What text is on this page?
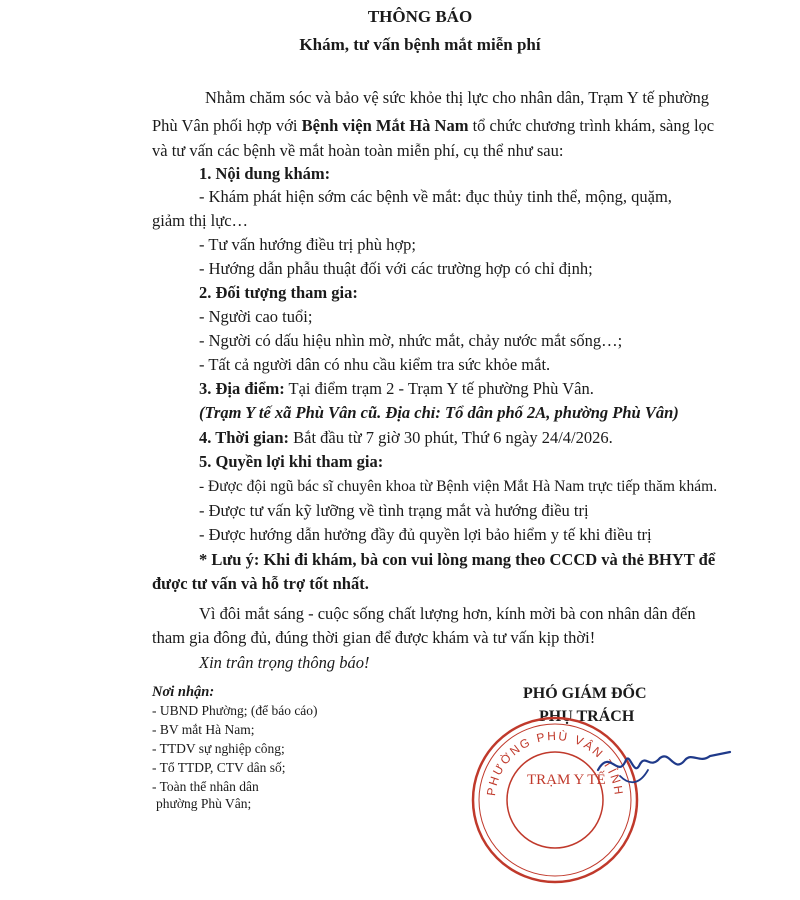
THÔNG BÁO
Khám, tư vấn bệnh mắt miễn phí
Nhằm chăm sóc và bảo vệ sức khỏe thị lực cho nhân dân, Trạm Y tế phường
Phù Vân phối hợp với Bệnh viện Mắt Hà Nam tổ chức chương trình khám, sàng lọc
và tư vấn các bệnh về mắt hoàn toàn miễn phí, cụ thể như sau:
1. Nội dung khám:
- Khám phát hiện sớm các bệnh về mắt: đục thủy tinh thể, mộng, quặm,
giảm thị lực…
- Tư vấn hướng điều trị phù hợp;
- Hướng dẫn phẫu thuật đối với các trường hợp có chỉ định;
2. Đối tượng tham gia:
- Người cao tuổi;
- Người có dấu hiệu nhìn mờ, nhức mắt, chảy nước mắt sống…;
- Tất cả người dân có nhu cầu kiểm tra sức khỏe mắt.
3. Địa điểm: Tại điểm trạm 2 - Trạm Y tế phường Phù Vân.
(Trạm Y tế xã Phù Vân cũ. Địa chỉ: Tổ dân phố 2A, phường Phù Vân)
4. Thời gian: Bắt đầu từ 7 giờ 30 phút, Thứ 6 ngày 24/4/2026.
5. Quyền lợi khi tham gia:
- Được đội ngũ bác sĩ chuyên khoa từ Bệnh viện Mắt Hà Nam trực tiếp thăm khám.
- Được tư vấn kỹ lưỡng về tình trạng mắt và hướng điều trị
- Được hướng dẫn hưởng đầy đủ quyền lợi bảo hiểm y tế khi điều trị
* Lưu ý: Khi đi khám, bà con vui lòng mang theo CCCD và thẻ BHYT để
được tư vấn và hỗ trợ tốt nhất.
Vì đôi mắt sáng - cuộc sống chất lượng hơn, kính mời bà con nhân dân đến
tham gia đông đủ, đúng thời gian để được khám và tư vấn kịp thời!
Xin trân trọng thông báo!
Nơi nhận:
- UBND Phường; (để báo cáo)
- BV mắt Hà Nam;
- TTDV sự nghiệp công;
- Tổ TTDP, CTV dân số;
- Toàn thể nhân dân
phường Phù Vân;
PHÓ GIÁM ĐỐC
PHỤ TRÁCH
PHƯỜNG PHÙ VÂN TỈNH
TRẠM Y TẾ
